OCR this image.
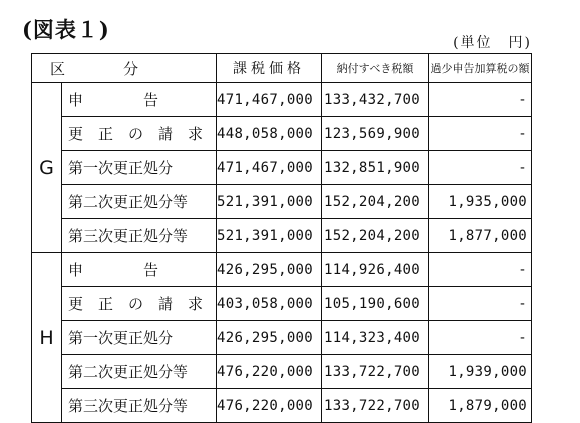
(図表１)
(単位　円)
区 分		課税価格	納付すべき税額	過少申告加算税の額
G	申　　　　告	471,467,000	133,432,700	-
	更　正　の　請　求	448,058,000	123,569,900	-
	第一次更正処分	471,467,000	132,851,900	-
	第二次更正処分等	521,391,000	152,204,200	1,935,000
	第三次更正処分等	521,391,000	152,204,200	1,877,000
H	申　　　　告	426,295,000	114,926,400	-
	更　正　の　請　求	403,058,000	105,190,600	-
	第一次更正処分	426,295,000	114,323,400	-
	第二次更正処分等	476,220,000	133,722,700	1,939,000
	第三次更正処分等	476,220,000	133,722,700	1,879,000
